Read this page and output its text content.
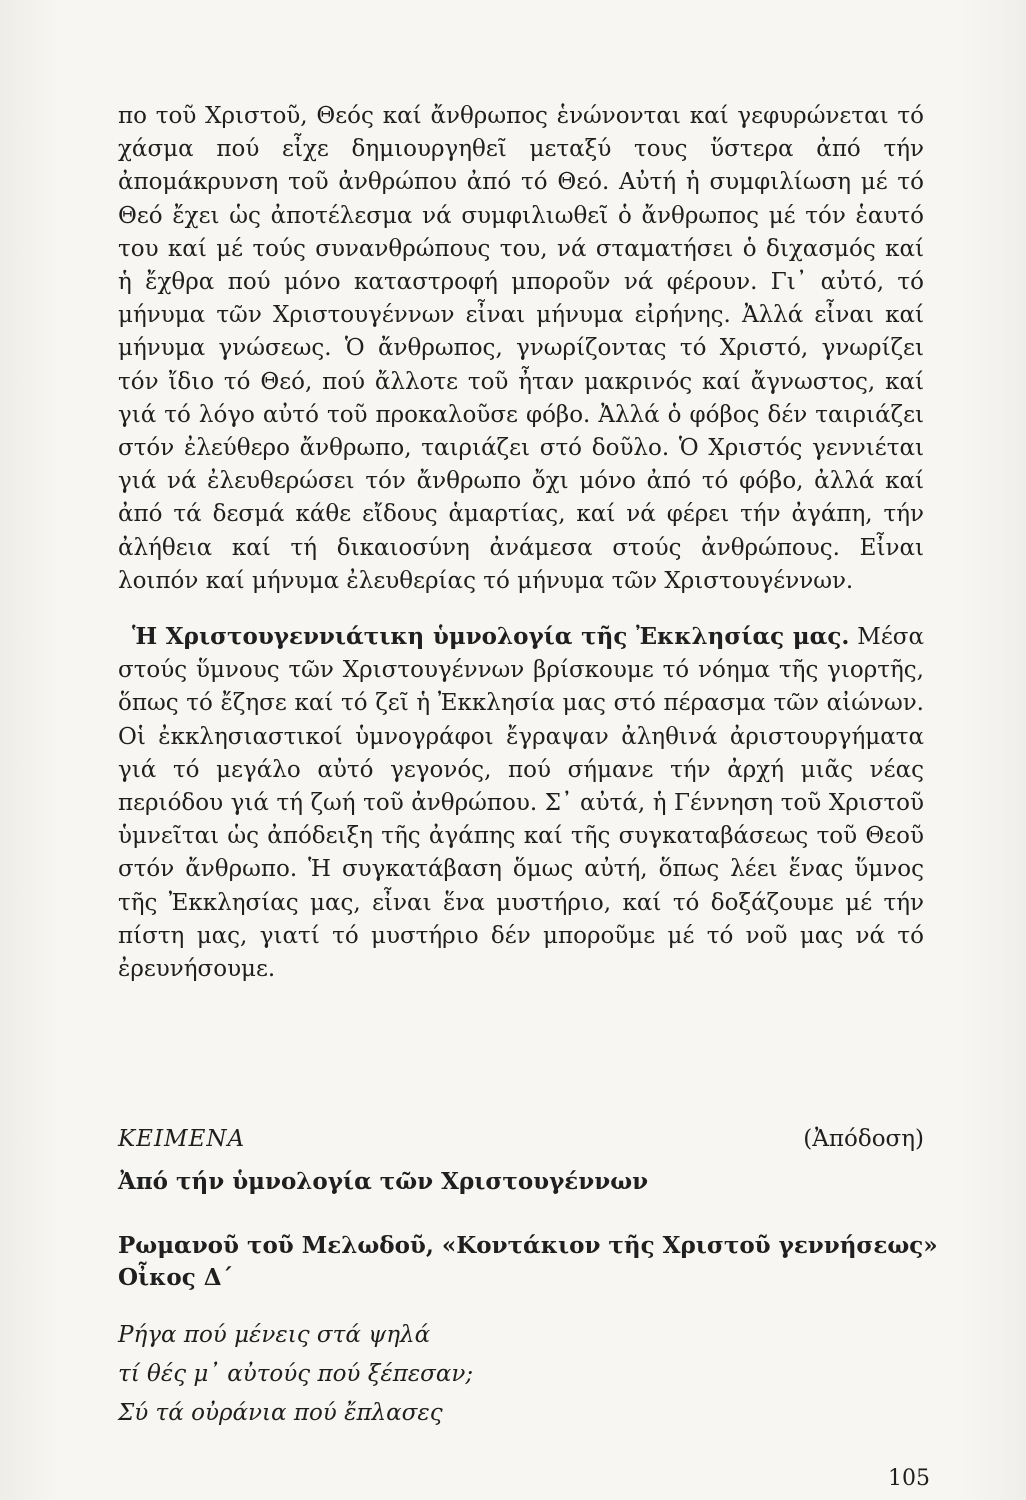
πο τοῦ Χριστοῦ, Θεός καί ἄνθρωπος ἑνώνονται καί γεφυρώνεται τό χάσμα πού εἶχε δημιουργηθεῖ μεταξύ τους ὕστερα ἀπό τήν ἀπομάκρυνση τοῦ ἀνθρώπου ἀπό τό Θεό. Αὐτή ἡ συμφιλίωση μέ τό Θεό ἔχει ὡς ἀποτέλεσμα νά συμφιλιωθεῖ ὁ ἄνθρωπος μέ τόν ἑαυτό του καί μέ τούς συνανθρώπους του, νά σταματήσει ὁ διχασμός καί ἡ ἔχθρα πού μόνο καταστροφή μποροῦν νά φέρουν. Γι᾿ αὐτό, τό μήνυμα τῶν Χριστουγέννων εἶναι μήνυμα εἰρήνης. Ἀλλά εἶναι καί μήνυμα γνώσεως. Ὁ ἄνθρωπος, γνωρίζοντας τό Χριστό, γνωρίζει τόν ἴδιο τό Θεό, πού ἄλλοτε τοῦ ἦταν μακρινός καί ἄγνωστος, καί γιά τό λόγο αὐτό τοῦ προκαλοῦσε φόβο. Ἀλλά ὁ φόβος δέν ταιριάζει στόν ἐλεύθερο ἄνθρωπο, ταιριάζει στό δοῦλο. Ὁ Χριστός γεννιέται γιά νά ἐλευθερώσει τόν ἄνθρωπο ὄχι μόνο ἀπό τό φόβο, ἀλλά καί ἀπό τά δεσμά κάθε εἴδους ἁμαρτίας, καί νά φέρει τήν ἀγάπη, τήν ἀλήθεια καί τή δικαιοσύνη ἀνάμεσα στούς ἀνθρώπους. Εἶναι λοιπόν καί μήνυμα ἐλευθερίας τό μήνυμα τῶν Χριστουγέννων.

Ἡ Χριστουγεννιάτικη ὑμνολογία τῆς Ἐκκλησίας μας. Μέσα στούς ὕμνους τῶν Χριστουγέννων βρίσκουμε τό νόημα τῆς γιορτῆς, ὅπως τό ἔζησε καί τό ζεῖ ἡ Ἐκκλησία μας στό πέρασμα τῶν αἰώνων. Οἱ ἐκκλησιαστικοί ὑμνογράφοι ἔγραψαν ἀληθινά ἀριστουργήματα γιά τό μεγάλο αὐτό γεγονός, πού σήμανε τήν ἀρχή μιᾶς νέας περιόδου γιά τή ζωή τοῦ ἀνθρώπου. Σ᾿ αὐτά, ἡ Γέννηση τοῦ Χριστοῦ ὑμνεῖται ὡς ἀπόδειξη τῆς ἀγάπης καί τῆς συγκαταβάσεως τοῦ Θεοῦ στόν ἄνθρωπο. Ἡ συγκατάβαση ὅμως αὐτή, ὅπως λέει ἕνας ὕμνος τῆς Ἐκκλησίας μας, εἶναι ἕνα μυστήριο, καί τό δοξάζουμε μέ τήν πίστη μας, γιατί τό μυστήριο δέν μποροῦμε μέ τό νοῦ μας νά τό ἐρευνήσουμε.

ΚΕΙΜΕΝΑ	(Ἀπόδοση)
Ἀπό τήν ὑμνολογία τῶν Χριστουγέννων
Ρωμανοῦ τοῦ Μελωδοῦ, «Κοντάκιον τῆς Χριστοῦ γεννήσεως»
Οἶκος Δ΄
Ρήγα πού μένεις στά ψηλά
τί θές μ᾿ αὐτούς πού ξέπεσαν;
Σύ τά οὐράνια πού ἔπλασες
105
